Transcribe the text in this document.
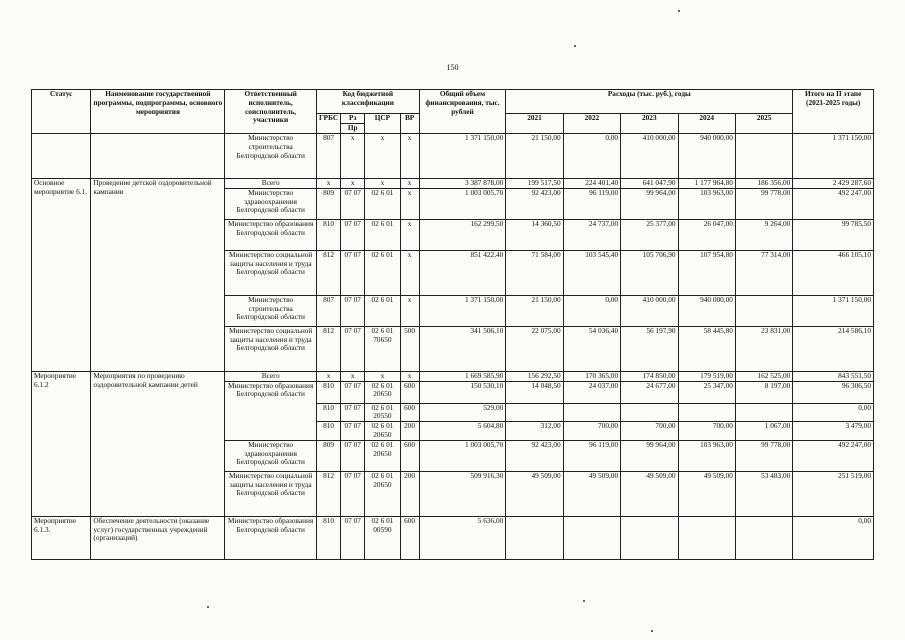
150
Статус	Наименование государственной программы, подпрограммы, основного мероприятия	Ответственный исполнитель, соисполнитель, участники	Код бюджетной классификации				Общий объем финансирования, тыс. рублей	Расходы (тыс. руб.), годы					Итого на II этапе (2021-2025 годы)
			ГРБС	Рз	ЦСР	ВР		2021	2022	2023	2024	2025	
				Пр									
		Министерство строительства Белгородской области	807	х	х	х	1 371 150,00	21 150,00	0,00	410 000,00	940 000,00		1 371 150,00
Основное мероприятие 6.1.	Проведение детской оздоровительной кампании	Всего	х	х	х	х	3 387 878,00	199 517,50	224 401,40	641 047,90	1 177 964,80	186 356,00	2 429 287,60
		Министерство здравоохранения Белгородской области	809	07 07	02 6 01	х	1 003 005,70	92 423,00	96 119,00	99 964,00	103 963,00	99 778,00	492 247,00
		Министерство образования Белгородской области	810	07 07	02 6 01	х	162 299,50	14 360,50	24 737,00	25 377,00	26 047,00	9 264,00	99 785,50
		Министерство социальной защиты населения и труда Белгородской области	812	07 07	02 6 01	х	851 422,40	71 584,00	103 545,40	105 706,90	107 954,80	77 314,00	466 105,10
		Министерство строительства Белгородской области	807	07 07	02 6 01	х	1 371 150,00	21 150,00	0,00	410 000,00	940 000,00		1 371 150,00
		Министерство социальной защиты населения и труда Белгородской области	812	07 07	02 6 01 70650	500	341 506,10	22 075,00	54 036,40	56 197,90	58 445,80	23 831,00	214 586,10
Мероприятие 6.1.2	Мероприятия по проведению оздоровительной кампании детей	Всего	х	х	х	х	1 669 585,90	156 292,50	170 365,00	174 850,00	179 519,00	162 525,00	843 551,50
		Министерство образования Белгородской области	810	07 07	02 6 01 20650	600	150 530,10	14 048,50	24 037,00	24 677,00	25 347,00	8 197,00	96 306,50
			810	07 07	02 6 01 20550	600	529,00						0,00
			810	07 07	02 6 01 20650	200	5 604,80	312,00	700,00	700,00	700,00	1 067,00	3 479,00
		Министерство здравоохранения Белгородской области	809	07 07	02 6 01 20650	600	1 003 005,70	92 423,00	96 119,00	99 964,00	103 963,00	99 778,00	492 247,00
		Министерство социальной защиты населения и труда Белгородской области	812	07 07	02 6 01 20650	200	509 916,30	49 509,00	49 509,00	49 509,00	49 509,00	53 483,00	251 519,00
Мероприятие 6.1.3.	Обеспечение деятельности (оказание услуг) государственных учреждений (организаций)	Министерство образования Белгородской области	810	07 07	02 6 01 00590	600	5 636,00						0,00
